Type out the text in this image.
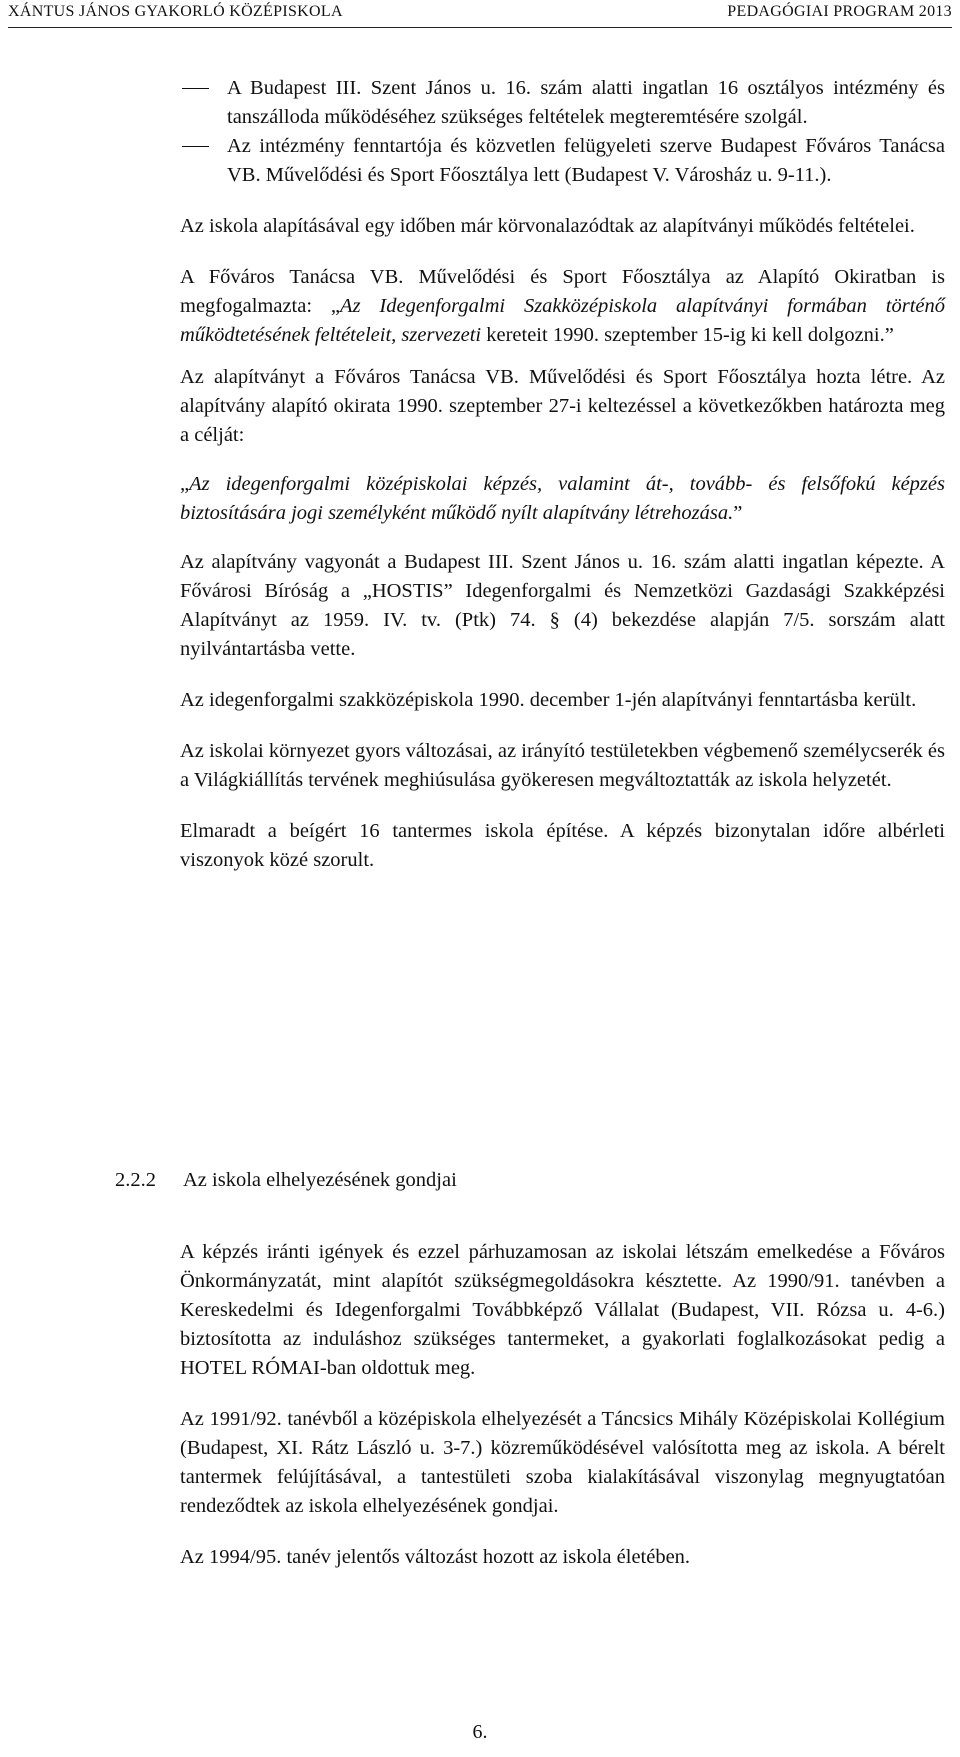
XÁNTUS JÁNOS GYAKORLÓ KÖZÉPISKOLA	PEDAGÓGIAI PROGRAM 2013
A Budapest III. Szent János u. 16. szám alatti ingatlan 16 osztályos intézmény és tanszálloda működéséhez szükséges feltételek megteremtésére szolgál.
Az intézmény fenntartója és közvetlen felügyeleti szerve Budapest Főváros Tanácsa VB. Művelődési és Sport Főosztálya lett (Budapest V. Városház u. 9-11.).

Az iskola alapításával egy időben már körvonalazódtak az alapítványi működés feltételei.

A Főváros Tanácsa VB. Művelődési és Sport Főosztálya az Alapító Okiratban is megfogalmazta: „Az Idegenforgalmi Szakközépiskola alapítványi formában történő működtetésének feltételeit, szervezeti kereteit 1990. szeptember 15-ig ki kell dolgozni.”

Az alapítványt a Főváros Tanácsa VB. Művelődési és Sport Főosztálya hozta létre. Az alapítvány alapító okirata 1990. szeptember 27-i keltezéssel a következőkben határozta meg a célját:

„Az idegenforgalmi középiskolai képzés, valamint át-, tovább- és felsőfokú képzés biztosítására jogi személyként működő nyílt alapítvány létrehozása.”

Az alapítvány vagyonát a Budapest III. Szent János u. 16. szám alatti ingatlan képezte. A Fővárosi Bíróság a „HOSTIS” Idegenforgalmi és Nemzetközi Gazdasági Szakképzési Alapítványt az 1959. IV. tv. (Ptk) 74. § (4) bekezdése alapján 7/5. sorszám alatt nyilvántartásba vette.

Az idegenforgalmi szakközépiskola 1990. december 1-jén alapítványi fenntartásba került.

Az iskolai környezet gyors változásai, az irányító testületekben végbemenő személycserék és a Világkiállítás tervének meghiúsulása gyökeresen megváltoztatták az iskola helyzetét.

Elmaradt a beígért 16 tantermes iskola építése. A képzés bizonytalan időre albérleti viszonyok közé szorult.

2.2.2 Az iskola elhelyezésének gondjai

A képzés iránti igények és ezzel párhuzamosan az iskolai létszám emelkedése a Főváros Önkormányzatát, mint alapítót szükségmegoldásokra késztette. Az 1990/91. tanévben a Kereskedelmi és Idegenforgalmi Továbbképző Vállalat (Budapest, VII. Rózsa u. 4-6.) biztosította az induláshoz szükséges tantermeket, a gyakorlati foglalkozásokat pedig a HOTEL RÓMAI-ban oldottuk meg.

Az 1991/92. tanévből a középiskola elhelyezését a Táncsics Mihály Középiskolai Kollégium (Budapest, XI. Rátz László u. 3-7.) közreműködésével valósította meg az iskola. A bérelt tantermek felújításával, a tantestületi szoba kialakításával viszonylag megnyugtatóan rendeződtek az iskola elhelyezésének gondjai.

Az 1994/95. tanév jelentős változást hozott az iskola életében.

6.
